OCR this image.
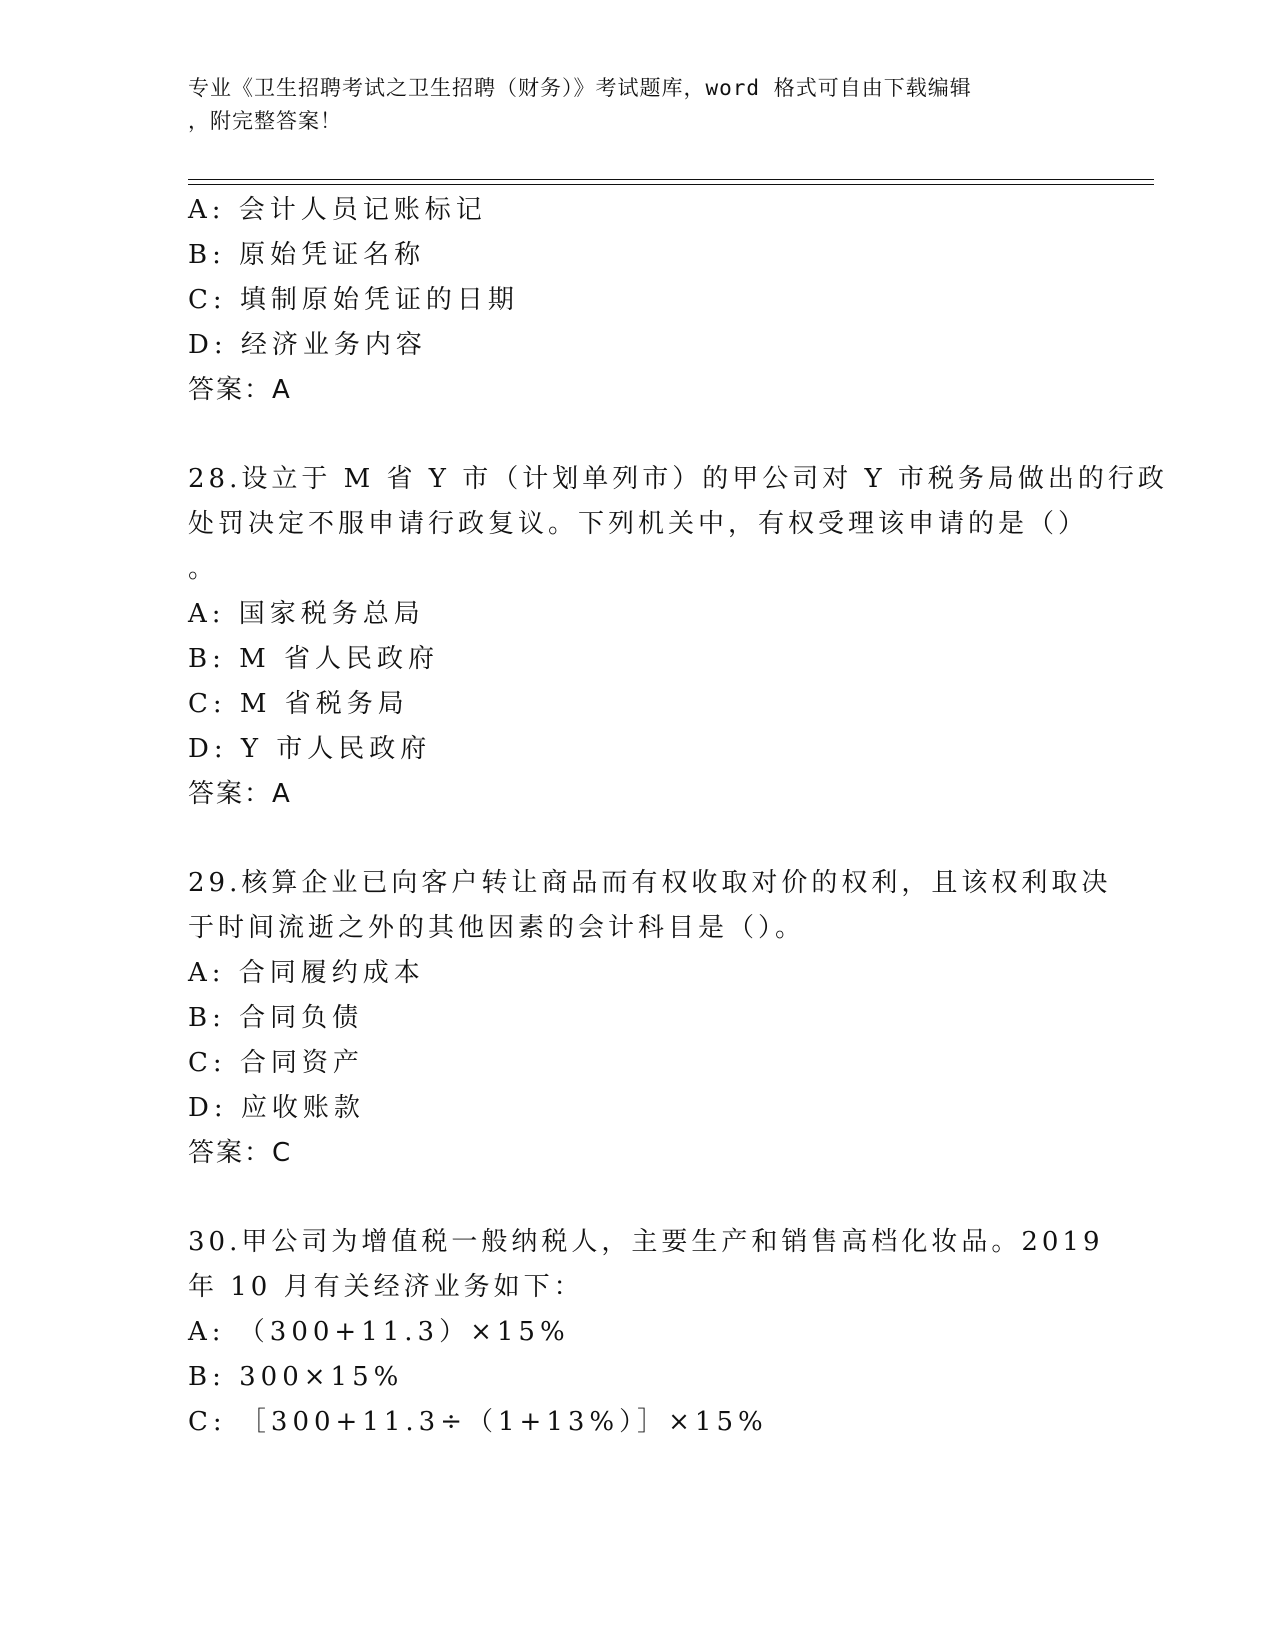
专业《卫生招聘考试之卫生招聘（财务）》考试题库，word 格式可自由下载编辑
，附完整答案！
A: 会计人员记账标记
B: 原始凭证名称
C: 填制原始凭证的日期
D: 经济业务内容
答案：A
28.设立于 M 省 Y 市（计划单列市）的甲公司对 Y 市税务局做出的行政
处罚决定不服申请行政复议。下列机关中，有权受理该申请的是（）
。
A: 国家税务总局
B: M 省人民政府
C: M 省税务局
D: Y 市人民政府
答案：A
29.核算企业已向客户转让商品而有权收取对价的权利，且该权利取决
于时间流逝之外的其他因素的会计科目是（）。
A: 合同履约成本
B: 合同负债
C: 合同资产
D: 应收账款
答案：C
30.甲公司为增值税一般纳税人，主要生产和销售高档化妆品。2019
年 10 月有关经济业务如下：
A: （300+11.3）×15%
B: 300×15%
C: ［300+11.3÷（1+13%）］×15%
